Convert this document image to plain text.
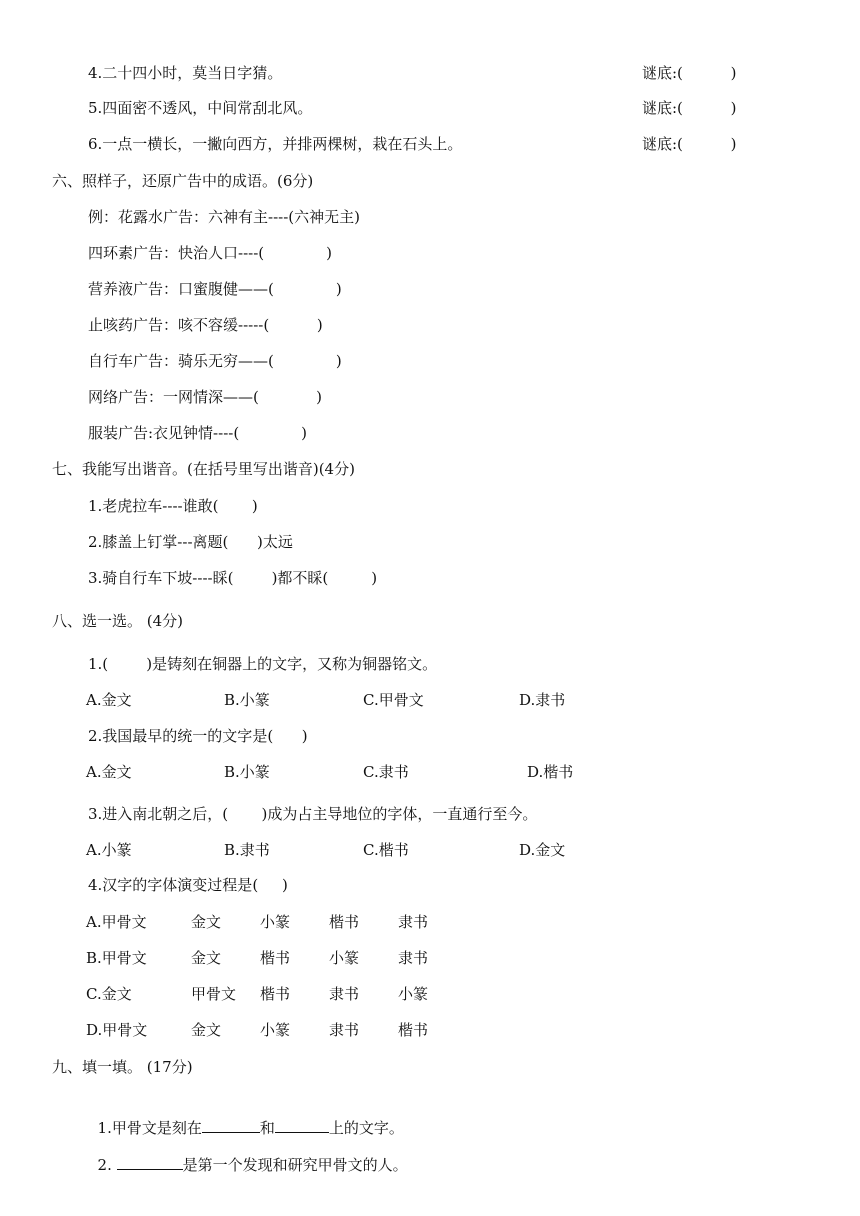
4.二十四小时，莫当日字猜。	谜底:(          )
5.四面密不透风，中间常刮北风。	谜底:(          )
6.一点一横长，一撇向西方，并排两棵树，栽在石头上。	谜底:(          )
六、照样子，还原广告中的成语。(6分)
例：花露水广告：六神有主----(六神无主)
四环素广告：快治人口----(             )
营养液广告：口蜜腹健——(             )
止咳药广告：咳不容缓-----(          )
自行车广告：骑乐无穷——(             )
网络广告：一网情深——(            )
服装广告:衣见钟情----(             )
七、我能写出谐音。(在括号里写出谐音)(4分)
1.老虎拉车----谁敢(       )
2.膝盖上钉掌---离题(      )太远
3.骑自行车下坡----睬(        )都不睬(         )
八、选一选。 (4分)
1.(        )是铸刻在铜器上的文字，又称为铜器铭文。
A.金文	B.小篆	C.甲骨文	D.隶书
2.我国最早的统一的文字是(      )
A.金文	B.小篆	C.隶书	D.楷书
3.进入南北朝之后，(       )成为占主导地位的字体，一直通行至今。
A.小篆	B.隶书	C.楷书	D.金文
4.汉字的字体演变过程是(     )
A.甲骨文	金文	小篆	楷书	隶书
B.甲骨文	金文	楷书	小篆	隶书
C.金文	甲骨文 楷书	隶书	小篆
D.甲骨文	金文	小篆	隶书	楷书
九、填一填。 (17分)

1.甲骨文是刻在	和	上的文字。

2.	是第一个发现和研究甲骨文的人。
